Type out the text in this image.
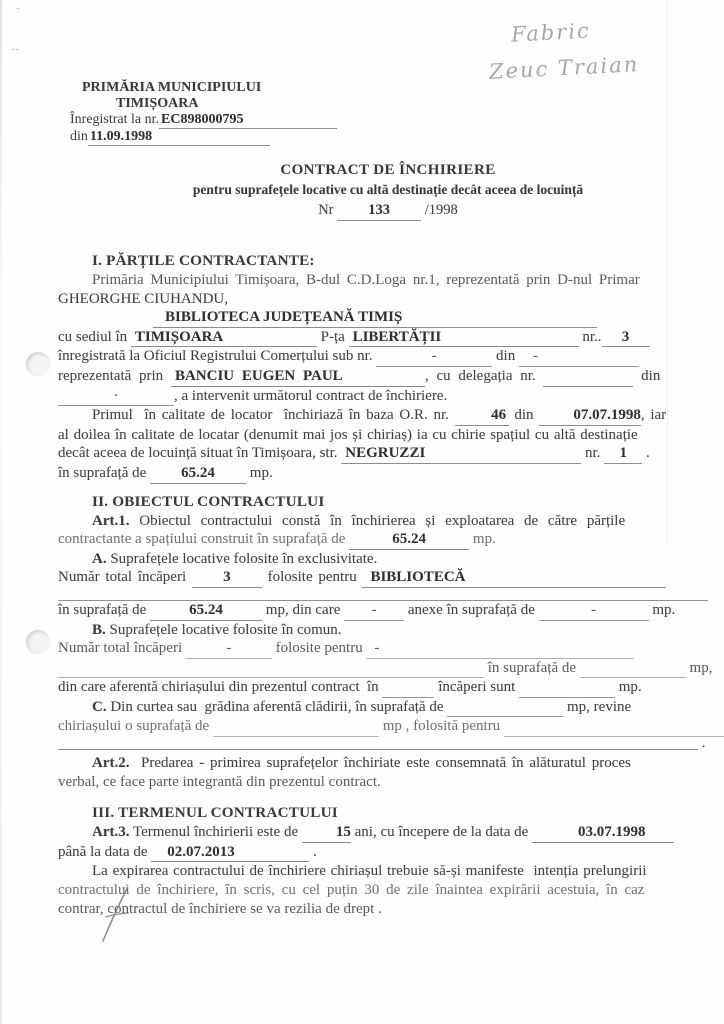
·
..
Fabric
Zeuc Traian
PRIMĂRIA MUNICIPIULUI
TIMIȘOARA
Înregistrat la nr. EC898000795
din 11.09.1998
CONTRACT DE ÎNCHIRIERE
pentru suprafețele locative cu altă destinație decât aceea de locuință
Nr 133 /1998
I. PĂRȚILE CONTRACTANTE:
Primăria Municipiului Timișoara, B-dul C.D.Loga nr.1, reprezentată prin D-nul Primar
GHEORGHE CIUHANDU,
BIBLIOTECA JUDEȚEANĂ TIMIȘ
cu sediul în TIMIȘOARA	P-ța LIBERTĂȚII	nr.. 3
înregistrată la Oficiul Registrului Comerțului sub nr.	-	din -
reprezentată prin BANCIU EUGEN PAUL	, cu delegația nr.	din
·	, a intervenit următorul contract de închiriere.
Primul  în calitate de locator  închiriază în baza O.R. nr. 46 din 07.07.1998, iar
al doilea în calitate de locatar (denumit mai jos și chiriaș) ia cu chirie spațiul cu altă destinație
decât aceea de locuință situat în Timișoara, str. NEGRUZZI	nr. 1 .
în suprafață de 65.24 mp.
II. OBIECTUL CONTRACTULUI
Art.1. Obiectul contractului constă în închirierea și exploatarea de către părțile
contractante a spațiului construit în suprafață de	65.24	mp.
A. Suprafețele locative folosite în exclusivitate.
Număr total încăperi 3 folosite pentru BIBLIOTECĂ

în suprafață de	65.24	mp, din care - anexe în suprafață de	-	mp.
B. Suprafețele locative folosite în comun.
Număr total încăperi	-	folosite pentru -
în suprafață de	mp,
din care aferentă chiriașului din prezentul contract  în	încăperi sunt	mp.
C. Din curtea sau  grădina aferentă clădirii, în suprafață de	mp, revine
chiriașului o suprafață de	mp , folosită pentru
.
Art.2.  Predarea - primirea suprafețelor închiriate este consemnată în alăturatul proces
verbal, ce face parte integrantă din prezentul contract.
III. TERMENUL CONTRACTULUI
Art.3. Termenul închirierii este de 15 ani, cu începere de la data de	03.07.1998
până la data de 02.07.2013	.
La expirarea contractului de închiriere chiriașul trebuie să-și manifeste  intenția prelungirii
contractului de închiriere, în scris, cu cel puțin 30 de zile înaintea expirării acestuia, în caz
contrar, contractul de închiriere se va rezilia de drept .
